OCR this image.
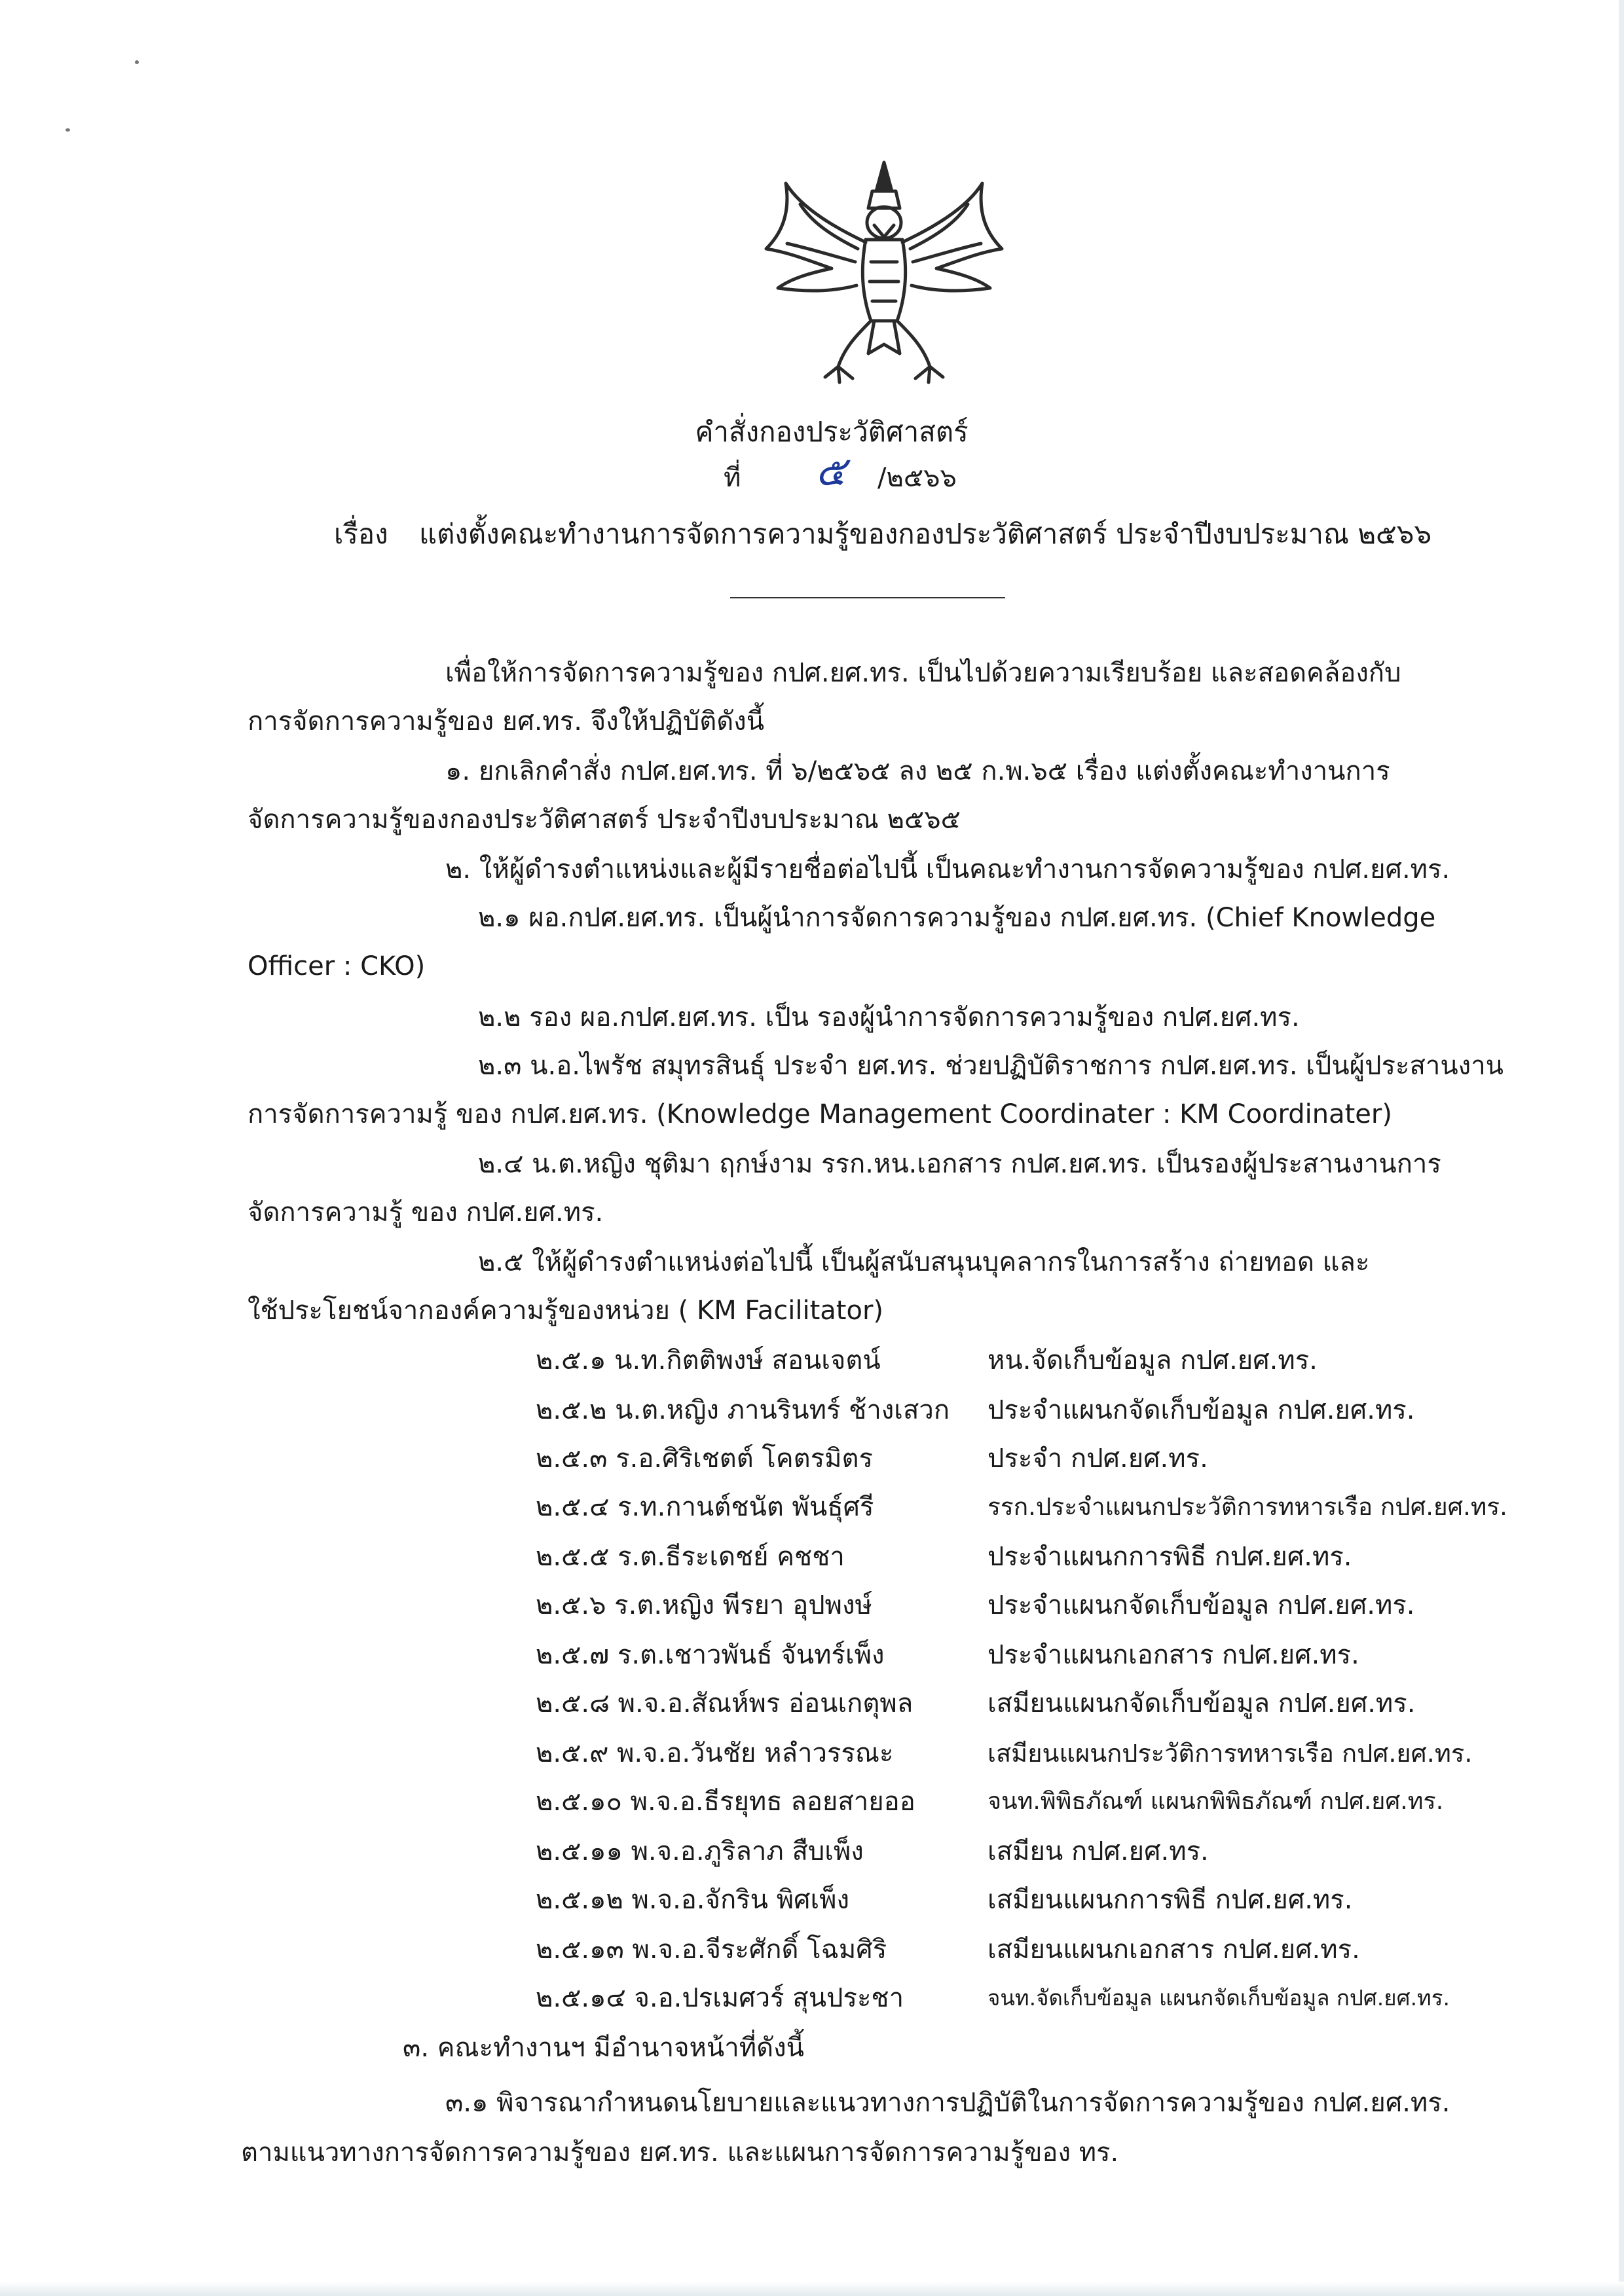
คำสั่งกองประวัติศาสตร์
ที่ ๕ /๒๕๖๖
เรื่อง แต่งตั้งคณะทำงานการจัดการความรู้ของกองประวัติศาสตร์ ประจำปีงบประมาณ ๒๕๖๖
เพื่อให้การจัดการความรู้ของ กปศ.ยศ.ทร. เป็นไปด้วยความเรียบร้อย และสอดคล้องกับ
การจัดการความรู้ของ ยศ.ทร. จึงให้ปฏิบัติดังนี้
๑. ยกเลิกคำสั่ง กปศ.ยศ.ทร. ที่ ๖/๒๕๖๕ ลง ๒๕ ก.พ.๖๕ เรื่อง แต่งตั้งคณะทำงานการ
จัดการความรู้ของกองประวัติศาสตร์ ประจำปีงบประมาณ ๒๕๖๕
๒. ให้ผู้ดำรงตำแหน่งและผู้มีรายชื่อต่อไปนี้ เป็นคณะทำงานการจัดความรู้ของ กปศ.ยศ.ทร.
๒.๑ ผอ.กปศ.ยศ.ทร. เป็นผู้นำการจัดการความรู้ของ กปศ.ยศ.ทร. (Chief Knowledge
Officer : CKO)
๒.๒ รอง ผอ.กปศ.ยศ.ทร. เป็น รองผู้นำการจัดการความรู้ของ กปศ.ยศ.ทร.
๒.๓ น.อ.ไพรัช สมุทรสินธุ์ ประจำ ยศ.ทร. ช่วยปฏิบัติราชการ กปศ.ยศ.ทร. เป็นผู้ประสานงาน
การจัดการความรู้ ของ กปศ.ยศ.ทร. (Knowledge Management Coordinater : KM Coordinater)
๒.๔ น.ต.หญิง ชุติมา ฤกษ์งาม รรก.หน.เอกสาร กปศ.ยศ.ทร. เป็นรองผู้ประสานงานการ
จัดการความรู้ ของ กปศ.ยศ.ทร.
๒.๕ ให้ผู้ดำรงตำแหน่งต่อไปนี้ เป็นผู้สนับสนุนบุคลากรในการสร้าง ถ่ายทอด และ
ใช้ประโยชน์จากองค์ความรู้ของหน่วย ( KM Facilitator)
๒.๕.๑ น.ท.กิตติพงษ์ สอนเจตน์	หน.จัดเก็บข้อมูล กปศ.ยศ.ทร.
๒.๕.๒ น.ต.หญิง ภานรินทร์ ช้างเสวก ประจำแผนกจัดเก็บข้อมูล กปศ.ยศ.ทร.
๒.๕.๓ ร.อ.ศิริเชตต์ โคตรมิตร	ประจำ กปศ.ยศ.ทร.
๒.๕.๔ ร.ท.กานต์ชนัต พันธุ์ศรี	รรก.ประจำแผนกประวัติการทหารเรือ กปศ.ยศ.ทร.
๒.๕.๕ ร.ต.ธีระเดชย์ คชชา	ประจำแผนกการพิธี กปศ.ยศ.ทร.
๒.๕.๖ ร.ต.หญิง พีรยา อุปพงษ์	ประจำแผนกจัดเก็บข้อมูล กปศ.ยศ.ทร.
๒.๕.๗ ร.ต.เชาวพันธ์ จันทร์เพ็ง	ประจำแผนกเอกสาร กปศ.ยศ.ทร.
๒.๕.๘ พ.จ.อ.สัณห์พร อ่อนเกตุพล	เสมียนแผนกจัดเก็บข้อมูล กปศ.ยศ.ทร.
๒.๕.๙ พ.จ.อ.วันชัย หลำวรรณะ	เสมียนแผนกประวัติการทหารเรือ กปศ.ยศ.ทร.
๒.๕.๑๐ พ.จ.อ.ธีรยุทธ ลอยสายออ	จนท.พิพิธภัณฑ์ แผนกพิพิธภัณฑ์ กปศ.ยศ.ทร.
๒.๕.๑๑ พ.จ.อ.ภูริลาภ สืบเพ็ง	เสมียน กปศ.ยศ.ทร.
๒.๕.๑๒ พ.จ.อ.จักริน พิศเพ็ง	เสมียนแผนกการพิธี กปศ.ยศ.ทร.
๒.๕.๑๓ พ.จ.อ.จีระศักดิ์ โฉมศิริ	เสมียนแผนกเอกสาร กปศ.ยศ.ทร.
๒.๕.๑๔ จ.อ.ปรเมศวร์ สุนประชา	จนท.จัดเก็บข้อมูล แผนกจัดเก็บข้อมูล กปศ.ยศ.ทร.
๓. คณะทำงานฯ มีอำนาจหน้าที่ดังนี้
๓.๑ พิจารณากำหนดนโยบายและแนวทางการปฏิบัติในการจัดการความรู้ของ กปศ.ยศ.ทร.
ตามแนวทางการจัดการความรู้ของ ยศ.ทร. และแผนการจัดการความรู้ของ ทร.
